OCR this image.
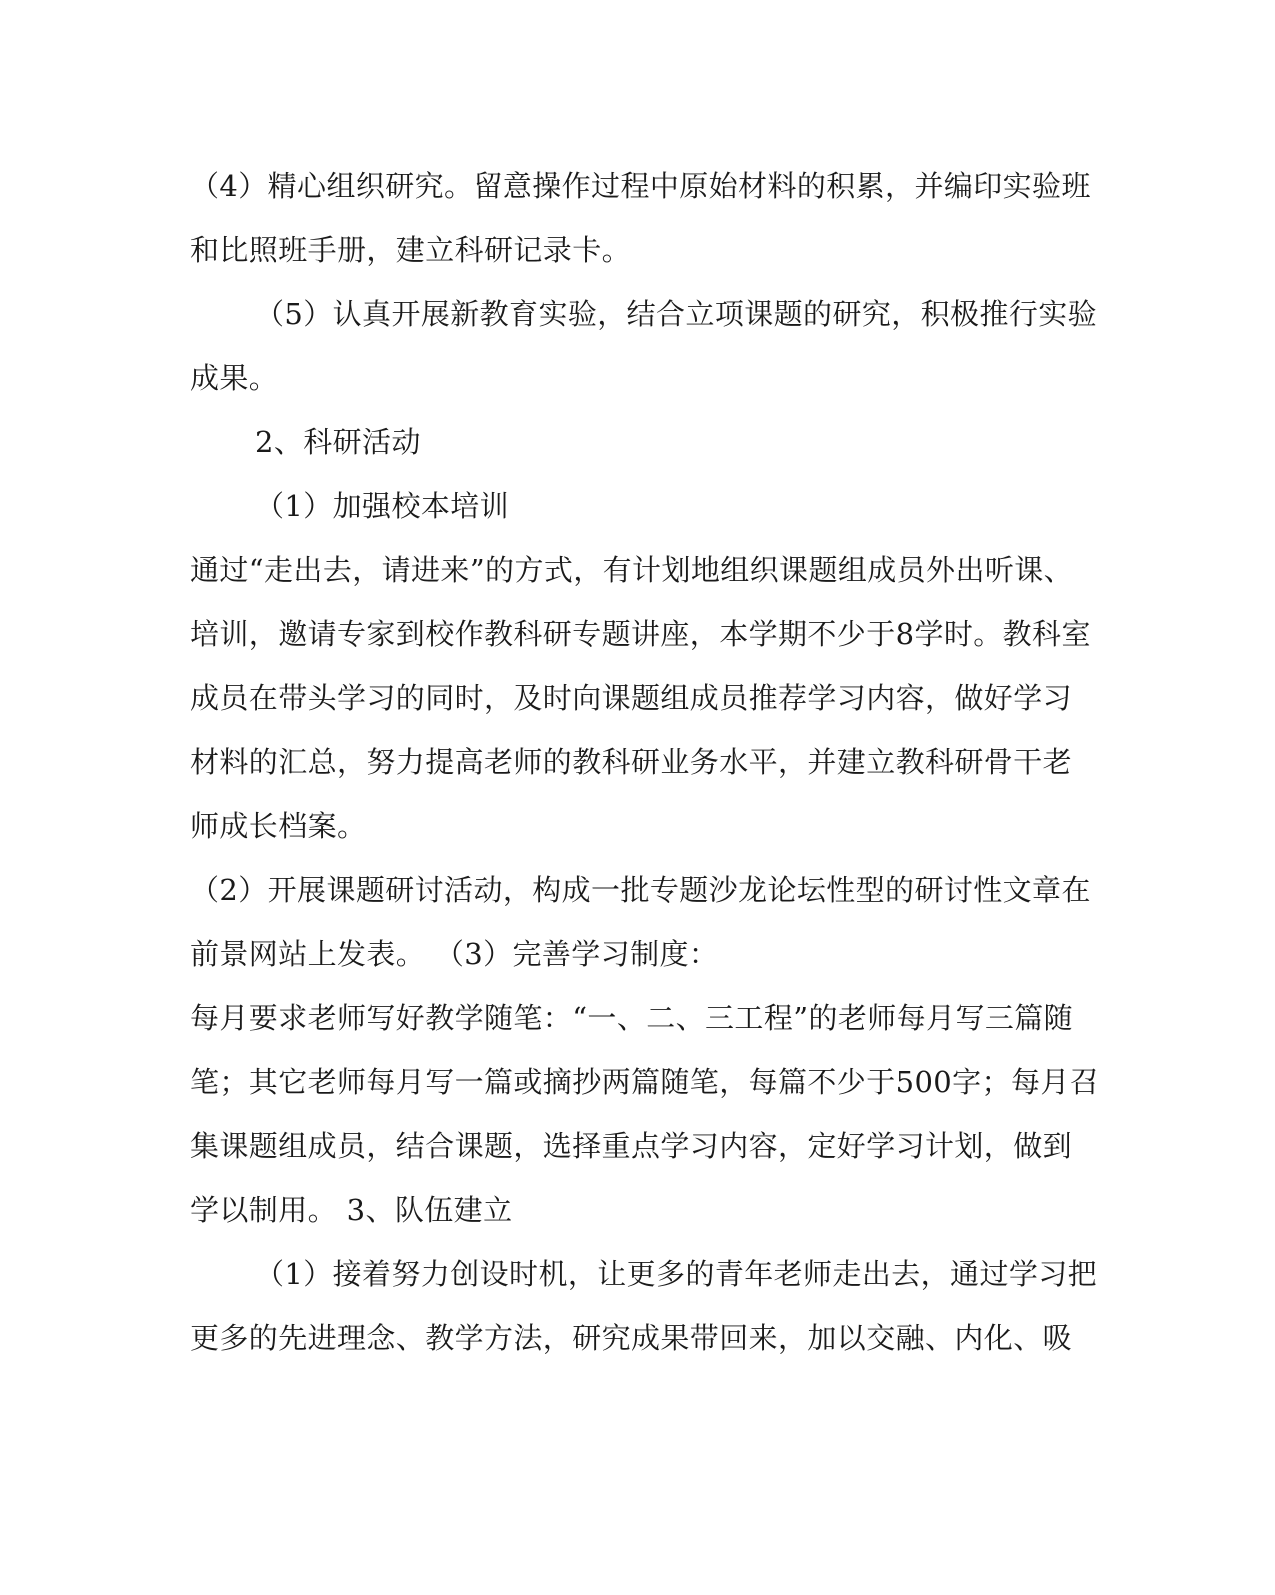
（4）精心组织研究。留意操作过程中原始材料的积累，并编印实验班
和比照班手册，建立科研记录卡。
（5）认真开展新教育实验，结合立项课题的研究，积极推行实验
成果。
2、科研活动
（1）加强校本培训
通过“走出去，请进来”的方式，有计划地组织课题组成员外出听课、
培训，邀请专家到校作教科研专题讲座，本学期不少于8学时。教科室
成员在带头学习的同时，及时向课题组成员推荐学习内容，做好学习
材料的汇总，努力提高老师的教科研业务水平，并建立教科研骨干老
师成长档案。
（2）开展课题研讨活动，构成一批专题沙龙论坛性型的研讨性文章在
前景网站上发表。 （3）完善学习制度：
每月要求老师写好教学随笔：“一、二、三工程”的老师每月写三篇随
笔；其它老师每月写一篇或摘抄两篇随笔，每篇不少于500字；每月召
集课题组成员，结合课题，选择重点学习内容，定好学习计划，做到
学以制用。 3、队伍建立
（1）接着努力创设时机，让更多的青年老师走出去，通过学习把
更多的先进理念、教学方法，研究成果带回来，加以交融、内化、吸
